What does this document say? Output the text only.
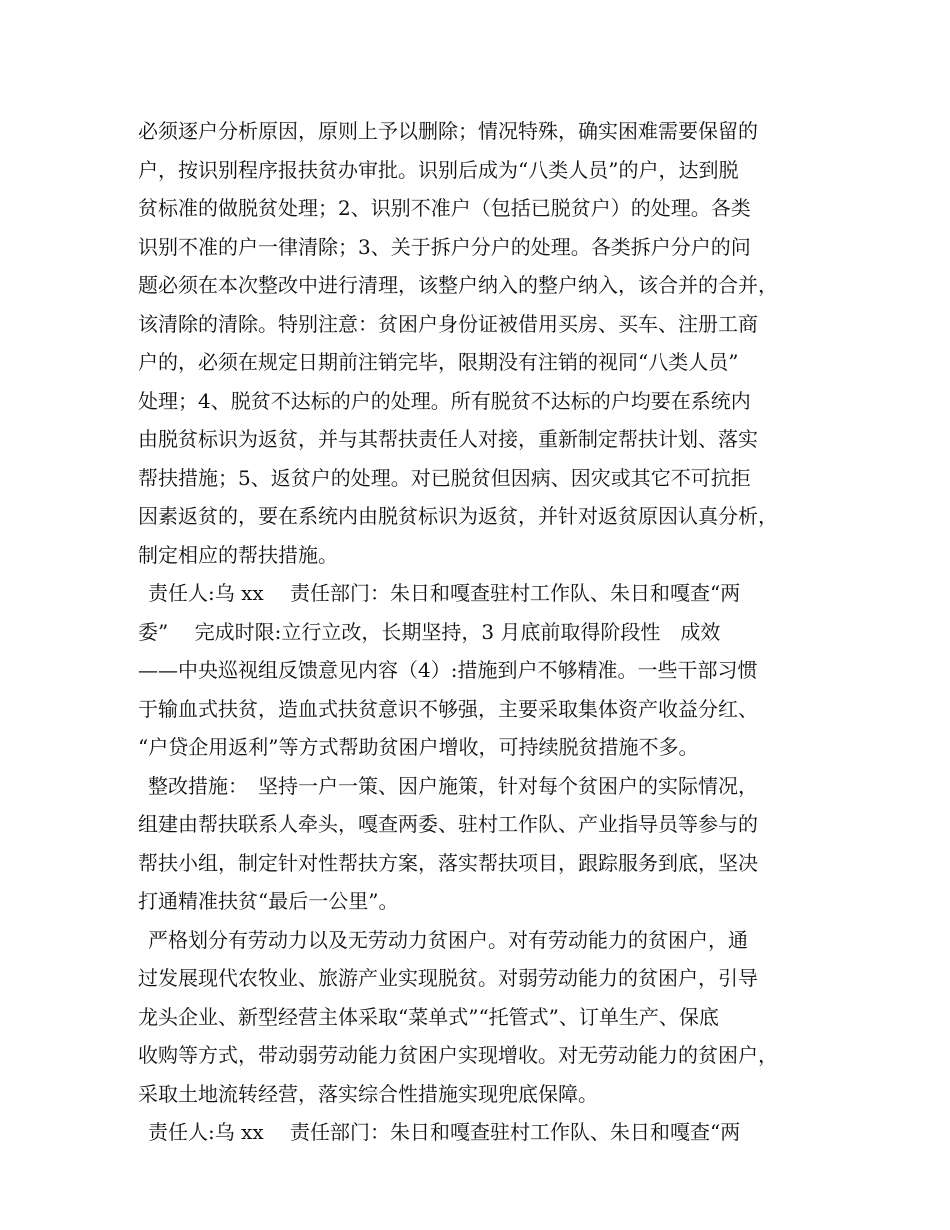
必须逐户分析原因，原则上予以删除；情况特殊，确实困难需要保留的
户，按识别程序报扶贫办审批。识别后成为“八类人员”的户，达到脱
贫标准的做脱贫处理；2、识别不准户（包括已脱贫户）的处理。各类
识别不准的户一律清除；3、关于拆户分户的处理。各类拆户分户的问
题必须在本次整改中进行清理，该整户纳入的整户纳入，该合并的合并，
该清除的清除。特别注意：贫困户身份证被借用买房、买车、注册工商
户的，必须在规定日期前注销完毕，限期没有注销的视同“八类人员”
处理；4、脱贫不达标的户的处理。所有脱贫不达标的户均要在系统内
由脱贫标识为返贫，并与其帮扶责任人对接，重新制定帮扶计划、落实
帮扶措施；5、返贫户的处理。对已脱贫但因病、因灾或其它不可抗拒
因素返贫的，要在系统内由脱贫标识为返贫，并针对返贫原因认真分析，
制定相应的帮扶措施。
责任人:乌 xx　 责任部门：朱日和嘎查驻村工作队、朱日和嘎查“两
委”　 完成时限:立行立改，长期坚持，3 月底前取得阶段性　成效
——中央巡视组反馈意见内容（4）:措施到户不够精准。一些干部习惯
于输血式扶贫，造血式扶贫意识不够强，主要采取集体资产收益分红、
“户贷企用返利”等方式帮助贫困户增收，可持续脱贫措施不多。
整改措施：　坚持一户一策、因户施策，针对每个贫困户的实际情况，
组建由帮扶联系人牵头，嘎查两委、驻村工作队、产业指导员等参与的
帮扶小组，制定针对性帮扶方案，落实帮扶项目，跟踪服务到底，坚决
打通精准扶贫“最后一公里”。
严格划分有劳动力以及无劳动力贫困户。对有劳动能力的贫困户，通
过发展现代农牧业、旅游产业实现脱贫。对弱劳动能力的贫困户，引导
龙头企业、新型经营主体采取“菜单式”“托管式”、订单生产、保底
收购等方式，带动弱劳动能力贫困户实现增收。对无劳动能力的贫困户，
采取土地流转经营，落实综合性措施实现兜底保障。
责任人:乌 xx　 责任部门：朱日和嘎查驻村工作队、朱日和嘎查“两
